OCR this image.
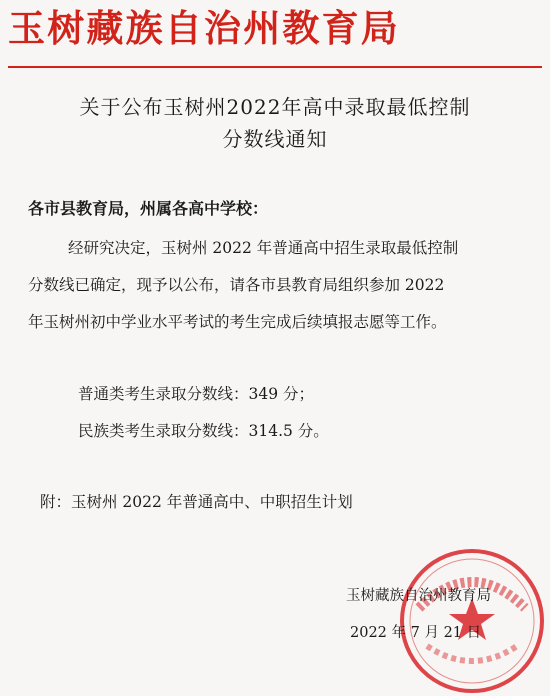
玉树藏族自治州教育局
关于公布玉树州2022年高中录取最低控制
分数线通知
各市县教育局，州属各高中学校：
经研究决定，玉树州 2022 年普通高中招生录取最低控制
分数线已确定，现予以公布，请各市县教育局组织参加 2022
年玉树州初中学业水平考试的考生完成后续填报志愿等工作。
普通类考生录取分数线：349 分；
民族类考生录取分数线：314.5 分。
附：玉树州 2022 年普通高中、中职招生计划
玉树藏族自治州教育局
2022 年 7 月 21 日
